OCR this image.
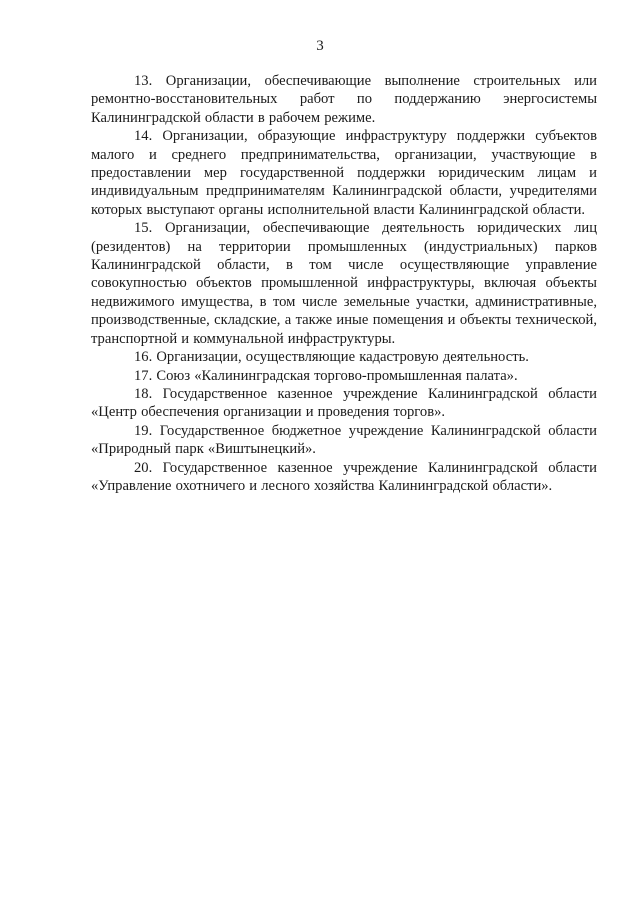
3

13. Организации, обеспечивающие выполнение строительных или ремонтно-восстановительных работ по поддержанию энергосистемы Калининградской области в рабочем режиме.

14. Организации, образующие инфраструктуру поддержки субъектов малого и среднего предпринимательства, организации, участвующие в предоставлении мер государственной поддержки юридическим лицам и индивидуальным предпринимателям Калининградской области, учредителями которых выступают органы исполнительной власти Калининградской области.

15. Организации, обеспечивающие деятельность юридических лиц (резидентов) на территории промышленных (индустриальных) парков Калининградской области, в том числе осуществляющие управление совокупностью объектов промышленной инфраструктуры, включая объекты недвижимого имущества, в том числе земельные участки, административные, производственные, складские, а также иные помещения и объекты технической, транспортной и коммунальной инфраструктуры.

16. Организации, осуществляющие кадастровую деятельность.

17. Союз «Калининградская торгово-промышленная палата».

18. Государственное казенное учреждение Калининградской области «Центр обеспечения организации и проведения торгов».

19. Государственное бюджетное учреждение Калининградской области «Природный парк «Виштынецкий».

20. Государственное казенное учреждение Калининградской области «Управление охотничего и лесного хозяйства Калининградской области».
